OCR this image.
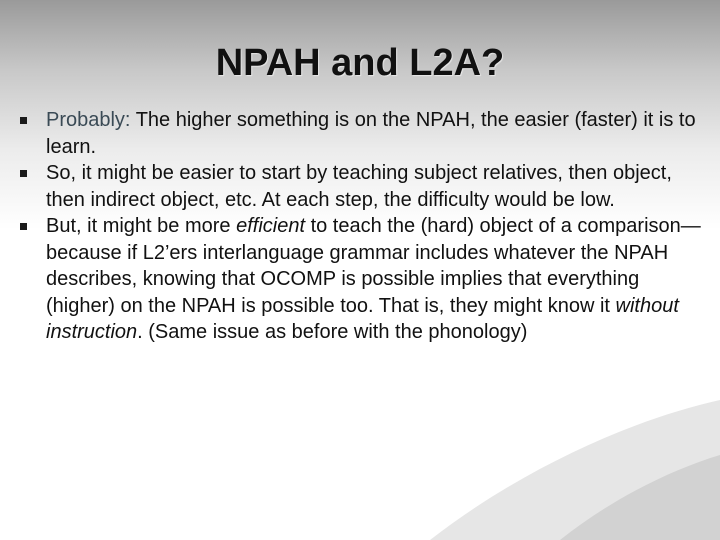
NPAH and L2A?
Probably: The higher something is on the NPAH, the easier (faster) it is to learn.
So, it might be easier to start by teaching subject relatives, then object, then indirect object, etc. At each step, the difficulty would be low.
But, it might be more efficient to teach the (hard) object of a comparison—because if L2’ers interlanguage grammar includes whatever the NPAH describes, knowing that OCOMP is possible implies that everything (higher) on the NPAH is possible too. That is, they might know it without instruction. (Same issue as before with the phonology)
